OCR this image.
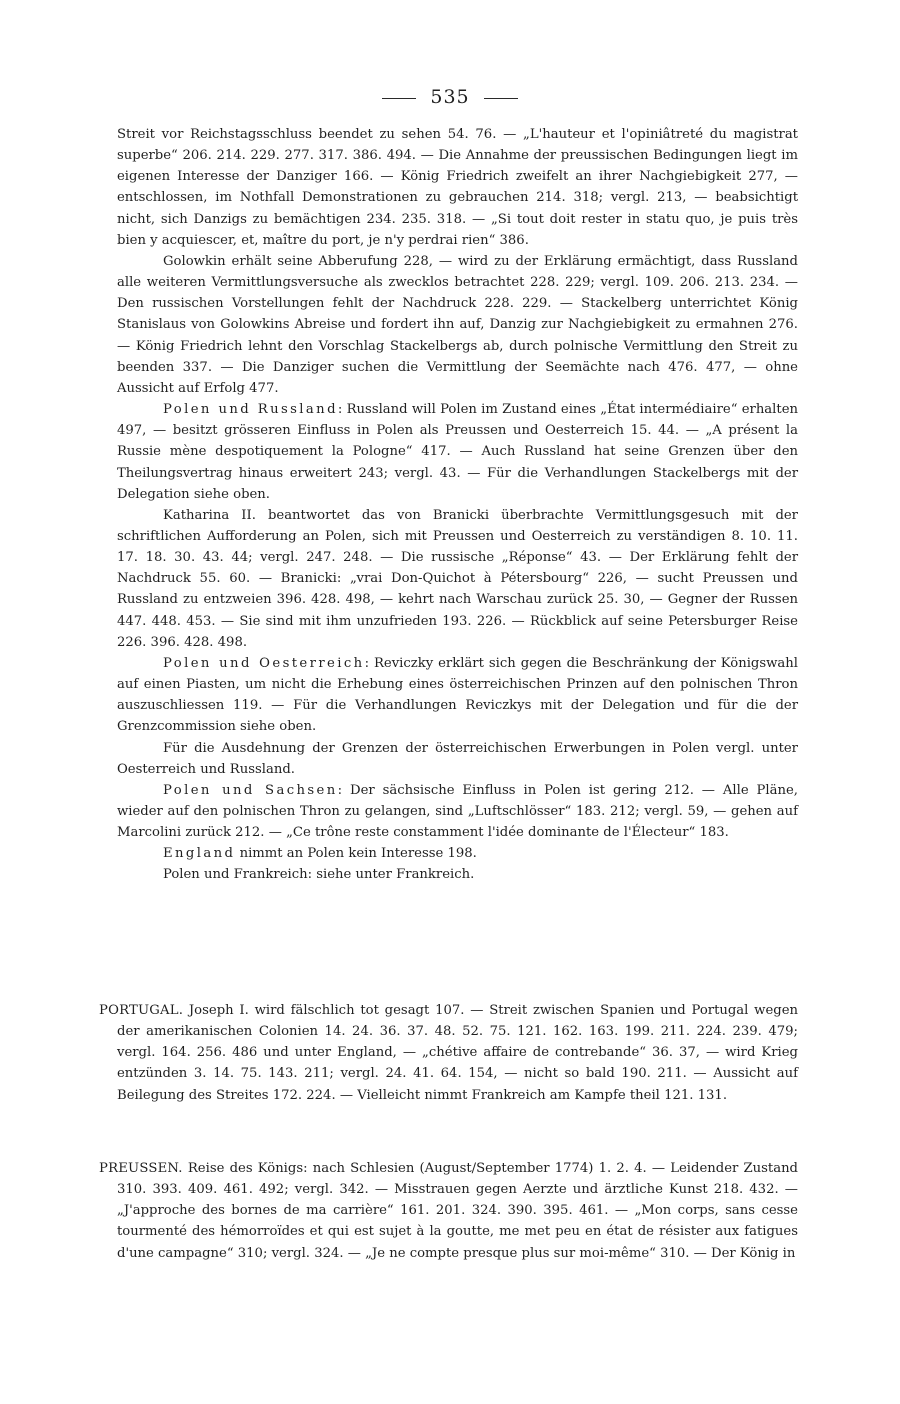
535

Streit vor Reichstagsschluss beendet zu sehen 54. 76. — „L'hauteur et l'opiniâtreté du magistrat superbe“ 206. 214. 229. 277. 317. 386. 494. — Die Annahme der preussischen Bedingungen liegt im eigenen Interesse der Danziger 166. — König Friedrich zweifelt an ihrer Nachgiebigkeit 277, — entschlossen, im Nothfall Demonstrationen zu gebrauchen 214. 318; vergl. 213, — beabsichtigt nicht, sich Danzigs zu bemächtigen 234. 235. 318. — „Si tout doit rester in statu quo, je puis très bien y acquiescer, et, maître du port, je n'y perdrai rien“ 386.

Golowkin erhält seine Abberufung 228, — wird zu der Erklärung ermächtigt, dass Russland alle weiteren Vermittlungsversuche als zwecklos betrachtet 228. 229; vergl. 109. 206. 213. 234. — Den russischen Vorstellungen fehlt der Nachdruck 228. 229. — Stackelberg unterrichtet König Stanislaus von Golowkins Abreise und fordert ihn auf, Danzig zur Nachgiebigkeit zu ermahnen 276. — König Friedrich lehnt den Vorschlag Stackelbergs ab, durch polnische Vermittlung den Streit zu beenden 337. — Die Danziger suchen die Vermittlung der Seemächte nach 476. 477, — ohne Aussicht auf Erfolg 477.

Polen und Russland: Russland will Polen im Zustand eines „État intermédiaire“ erhalten 497, — besitzt grösseren Einfluss in Polen als Preussen und Oesterreich 15. 44. — „A présent la Russie mène despotiquement la Pologne“ 417. — Auch Russland hat seine Grenzen über den Theilungsvertrag hinaus erweitert 243; vergl. 43. — Für die Verhandlungen Stackelbergs mit der Delegation siehe oben.

Katharina II. beantwortet das von Branicki überbrachte Vermittlungsgesuch mit der schriftlichen Aufforderung an Polen, sich mit Preussen und Oesterreich zu verständigen 8. 10. 11. 17. 18. 30. 43. 44; vergl. 247. 248. — Die russische „Réponse“ 43. — Der Erklärung fehlt der Nachdruck 55. 60. — Branicki: „vrai Don-Quichot à Pétersbourg“ 226, — sucht Preussen und Russland zu entzweien 396. 428. 498, — kehrt nach Warschau zurück 25. 30, — Gegner der Russen 447. 448. 453. — Sie sind mit ihm unzufrieden 193. 226. — Rückblick auf seine Petersburger Reise 226. 396. 428. 498.

Polen und Oesterreich: Reviczky erklärt sich gegen die Beschränkung der Königswahl auf einen Piasten, um nicht die Erhebung eines österreichischen Prinzen auf den polnischen Thron auszuschliessen 119. — Für die Verhandlungen Reviczkys mit der Delegation und für die der Grenzcommission siehe oben.

Für die Ausdehnung der Grenzen der österreichischen Erwerbungen in Polen vergl. unter Oesterreich und Russland.

Polen und Sachsen: Der sächsische Einfluss in Polen ist gering 212. — Alle Pläne, wieder auf den polnischen Thron zu gelangen, sind „Luftschlösser“ 183. 212; vergl. 59, — gehen auf Marcolini zurück 212. — „Ce trône reste constamment l'idée dominante de l'Électeur“ 183.

England nimmt an Polen kein Interesse 198.

Polen und Frankreich: siehe unter Frankreich.

PORTUGAL. Joseph I. wird fälschlich tot gesagt 107. — Streit zwischen Spanien und Portugal wegen der amerikanischen Colonien 14. 24. 36. 37. 48. 52. 75. 121. 162. 163. 199. 211. 224. 239. 479; vergl. 164. 256. 486 und unter England, — „chétive affaire de contrebande“ 36. 37, — wird Krieg entzünden 3. 14. 75. 143. 211; vergl. 24. 41. 64. 154, — nicht so bald 190. 211. — Aussicht auf Beilegung des Streites 172. 224. — Vielleicht nimmt Frankreich am Kampfe theil 121. 131.

PREUSSEN. Reise des Königs: nach Schlesien (August/September 1774) 1. 2. 4. — Leidender Zustand 310. 393. 409. 461. 492; vergl. 342. — Misstrauen gegen Aerzte und ärztliche Kunst 218. 432. — „J'approche des bornes de ma carrière“ 161. 201. 324. 390. 395. 461. — „Mon corps, sans cesse tourmenté des hémorroïdes et qui est sujet à la goutte, me met peu en état de résister aux fatigues d'une campagne“ 310; vergl. 324. — „Je ne compte presque plus sur moi-même“ 310. — Der König in
